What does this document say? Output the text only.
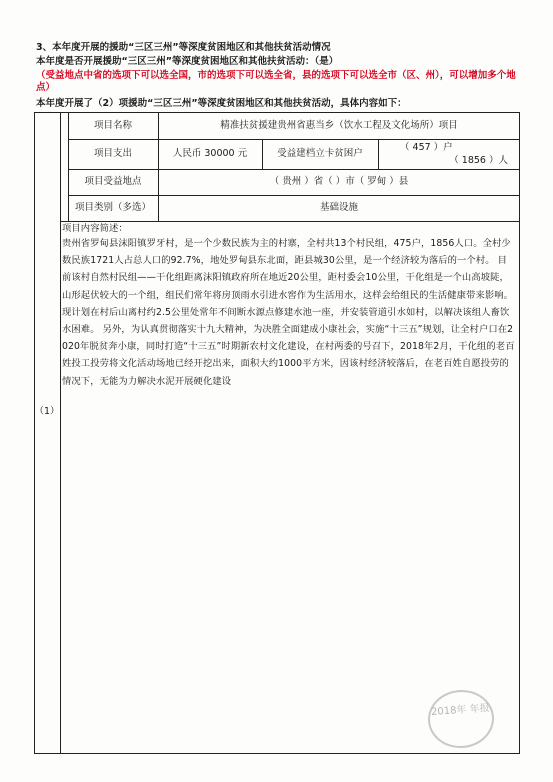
3、本年度开展的援助“三区三州”等深度贫困地区和其他扶贫活动情况
本年度是否开展援助“三区三州”等深度贫困地区和其他扶贫活动：（是）
（受益地点中省的选项下可以选全国，市的选项下可以选全省，县的选项下可以选全市（区、州），可以增加多个地点）
本年度开展了（2）项援助“三区三州”等深度贫困地区和其他扶贫活动，具体内容如下：
（1）
项目名称	精准扶贫援建贵州省惠当乡（饮水工程及文化场所）项目
项目支出	人民币 30000 元	受益建档立卡贫困户
（ 457 ）户
（ 1856 ）人
项目受益地点	（ 贵州 ）省（ ）市（ 罗甸 ）县
项目类别（多选）	基础设施
项目内容简述：
贵州省罗甸县沫阳镇罗牙村，是一个少数民族为主的村寨，全村共13个村民组，475户，1856人口。全村少数民族1721人占总人口的92.7%，地处罗甸县东北面，距县城30公里，是一个经济较为落后的一个村。 目前该村自然村民组——干化组距离沫阳镇政府所在地近20公里，距村委会10公里，干化组是一个山高坡陡，山形起伏较大的一个组，组民们常年将房顶雨水引进水窖作为生活用水，这样会给组民的生活健康带来影响。现计划在村后山离村约2.5公里处常年不间断水源点修建水池一座，并安装管道引水如村，以解决该组人畜饮水困难。 另外，为认真贯彻落实十九大精神，为决胜全面建成小康社会，实施“十三五”规划，让全村户口在2020年脱贫奔小康，同时打造“十三五”时期新农村文化建设，在村两委的号召下，2018年2月，干化组的老百姓投工投劳将文化活动场地已经开挖出来，面积大约1000平方米，因该村经济较落后，在老百姓自愿投劳的情况下，无能为力解决水泥开展硬化建设
2018年 年报
